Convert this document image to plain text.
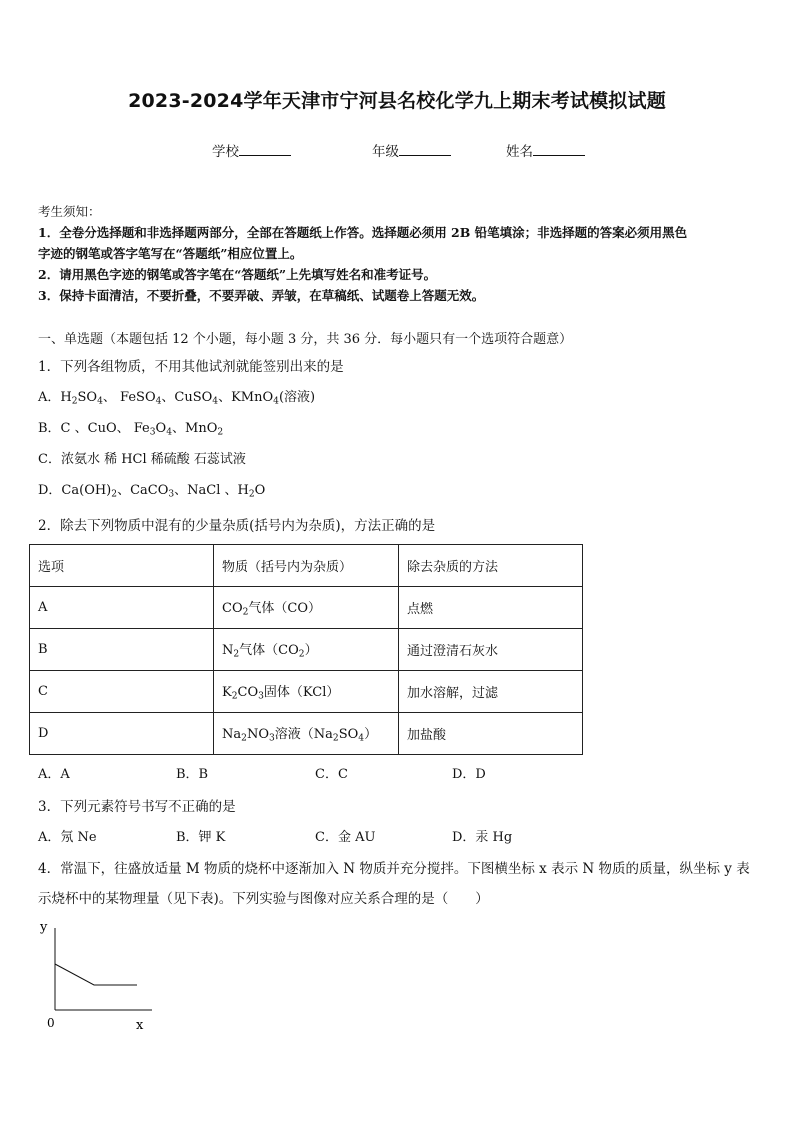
2023-2024学年天津市宁河县名校化学九上期末考试模拟试题
学校	年级	姓名
考生须知：
1．全卷分选择题和非选择题两部分，全部在答题纸上作答。选择题必须用 2B 铅笔填涂；非选择题的答案必须用黑色
字迹的钢笔或答字笔写在“答题纸”相应位置上。
2．请用黑色字迹的钢笔或答字笔在“答题纸”上先填写姓名和准考证号。
3．保持卡面清洁，不要折叠，不要弄破、弄皱，在草稿纸、试题卷上答题无效。
一、单选题（本题包括 12 个小题，每小题 3 分，共 36 分．每小题只有一个选项符合题意）
1．下列各组物质，不用其他试剂就能签别出来的是
A．$H_2SO_4$、 FeSO$_4$、CuSO$_4$、KMnO$_4$(溶液)
B．C 、CuO、 $Fe_3O_4$、MnO$_2$
C．浓氨水 稀 HCl 稀硫酸 石蕊试液
D．$Ca(OH)_2$、CaCO$_3$、NaCl 、$H_2O$
2．除去下列物质中混有的少量杂质(括号内为杂质)，方法正确的是
选项	物质（括号内为杂质）	除去杂质的方法
A	$CO_2$气体（CO）	点燃
B	$N_2$气体$(CO_2)$	通过澄清石灰水
C	$K_2CO_3$固体（KCl）	加水溶解，过滤
D	$Na_2NO_3$溶液$(Na_2SO_4)$	加盐酸
A．A	B．B	C．C	D．D
3．下列元素符号书写不正确的是
A．氖 Ne	B．钾 K	C．金 AU	D．汞 Hg
4．常温下，往盛放适量 M 物质的烧杯中逐渐加入 N 物质并充分搅拌。下图横坐标 x 表示 N 物质的质量，纵坐标 y 表
示烧杯中的某物理量（见下表)。下列实验与图像对应关系合理的是（　　）
y
0	x
